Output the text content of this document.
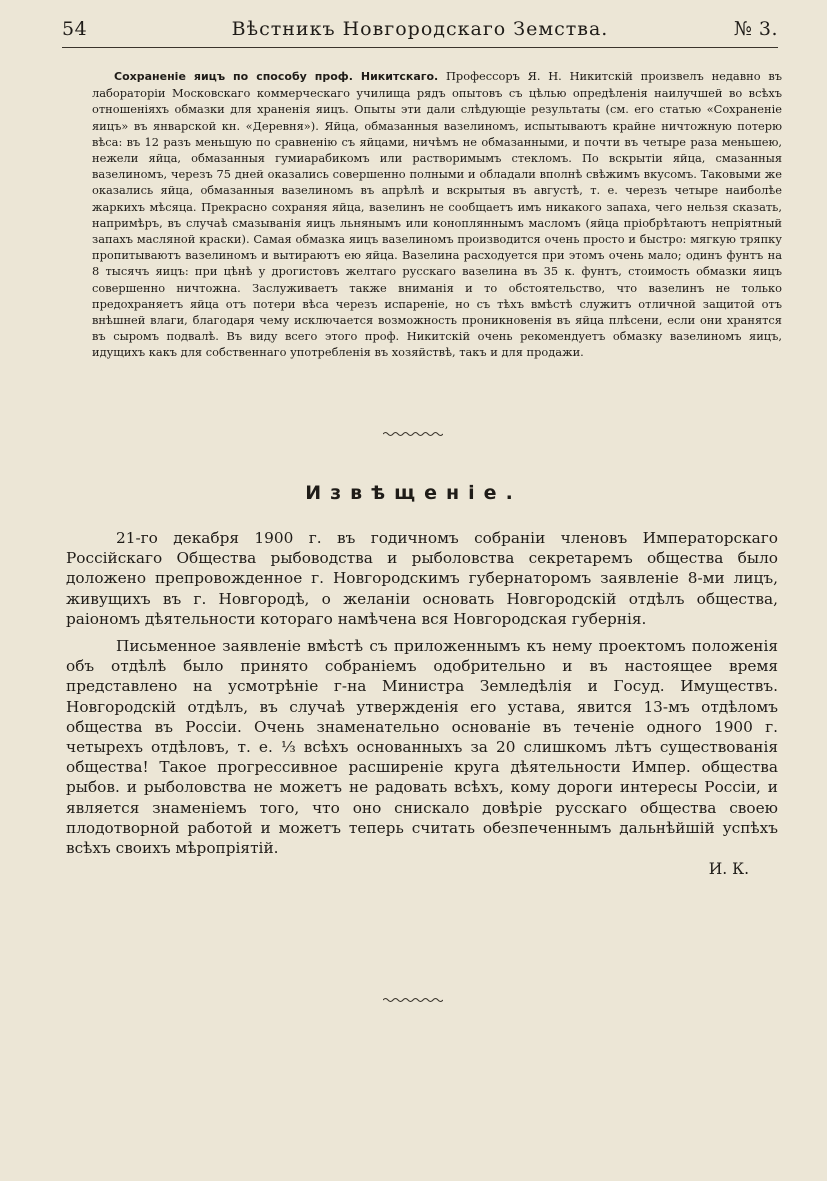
54	Вѣстникъ Новгородскаго Земства.	№ 3.

Сохраненіе яицъ по способу проф. Никитскаго. Профессоръ Я. Н. Никитскій произвелъ недавно въ лабораторіи Московскаго коммерческаго училища рядъ опытовъ съ цѣлью опредѣленія наилучшей во всѣхъ отношеніяхъ обмазки для храненія яицъ. Опыты эти дали слѣдующіе результаты (см. его статью «Сохраненіе яицъ» въ январской кн. «Деревня»). Яйца, обмазанныя вазелиномъ, испытываютъ крайне ничтожную потерю вѣса: въ 12 разъ меньшую по сравненію съ яйцами, ничѣмъ не обмазанными, и почти въ четыре раза меньшею, нежели яйца, обмазанныя гумиарабикомъ или растворимымъ стекломъ. По вскрытіи яйца, смазанныя вазелиномъ, черезъ 75 дней оказались совершенно полными и обладали вполнѣ свѣжимъ вкусомъ. Таковыми же оказались яйца, обмазанныя вазелиномъ въ апрѣлѣ и вскрытыя въ августѣ, т. е. черезъ четыре наиболѣе жаркихъ мѣсяца. Прекрасно сохраняя яйца, вазелинъ не сообщаетъ имъ никакого запаха, чего нельзя сказать, напримѣръ, въ случаѣ смазыванія яицъ льнянымъ или конопляннымъ масломъ (яйца пріобрѣтаютъ непріятный запахъ масляной краски). Самая обмазка яицъ вазелиномъ производится очень просто и быстро: мягкую тряпку пропитываютъ вазелиномъ и вытираютъ ею яйца. Вазелина расходуется при этомъ очень мало; одинъ фунтъ на 8 тысячъ яицъ: при цѣнѣ у дрогистовъ желтаго русскаго вазелина въ 35 к. фунтъ, стоимость обмазки яицъ совершенно ничтожна. Заслуживаетъ также вниманія и то обстоятельство, что вазелинъ не только предохраняетъ яйца отъ потери вѣса черезъ испареніе, но съ тѣхъ вмѣстѣ служитъ отличной защитой отъ внѣшней влаги, благодаря чему исключается возможность проникновенія въ яйца плѣсени, если они хранятся въ сыромъ подвалѣ. Въ виду всего этого проф. Никитскій очень рекомендуетъ обмазку вазелиномъ яицъ, идущихъ какъ для собственнаго употребленія въ хозяйствѣ, такъ и для продажи.

Извѣщеніе.

21-го декабря 1900 г. въ годичномъ собраніи членовъ Императорскаго Россійскаго Общества рыбоводства и рыболовства секретаремъ общества было доложено препровожденное г. Новгородскимъ губернаторомъ заявленіе 8-ми лицъ, живущихъ въ г. Новгородѣ, о желаніи основать Новгородскій отдѣлъ общества, раіономъ дѣятельности котораго намѣчена вся Новгородская губернія.

Письменное заявленіе вмѣстѣ съ приложеннымъ къ нему проектомъ положенія объ отдѣлѣ было принято собраніемъ одобрительно и въ настоящее время представлено на усмотрѣніе г-на Министра Земледѣлія и Госуд. Имуществъ. Новгородскій отдѣлъ, въ случаѣ утвержденія его устава, явится 13-мъ отдѣломъ общества въ Россіи. Очень знаменательно основаніе въ теченіе одного 1900 г. четырехъ отдѣловъ, т. е. ⅓ всѣхъ основанныхъ за 20 слишкомъ лѣтъ существованія общества! Такое прогрессивное расширеніе круга дѣятельности Импер. общества рыбов. и рыболовства не можетъ не радовать всѣхъ, кому дороги интересы Россіи, и является знаменіемъ того, что оно снискало довѣріе русскаго общества своею плодотворной работой и можетъ теперь считать обезпеченнымъ дальнѣйшій успѣхъ всѣхъ своихъ мѣропріятій.

И. К.
